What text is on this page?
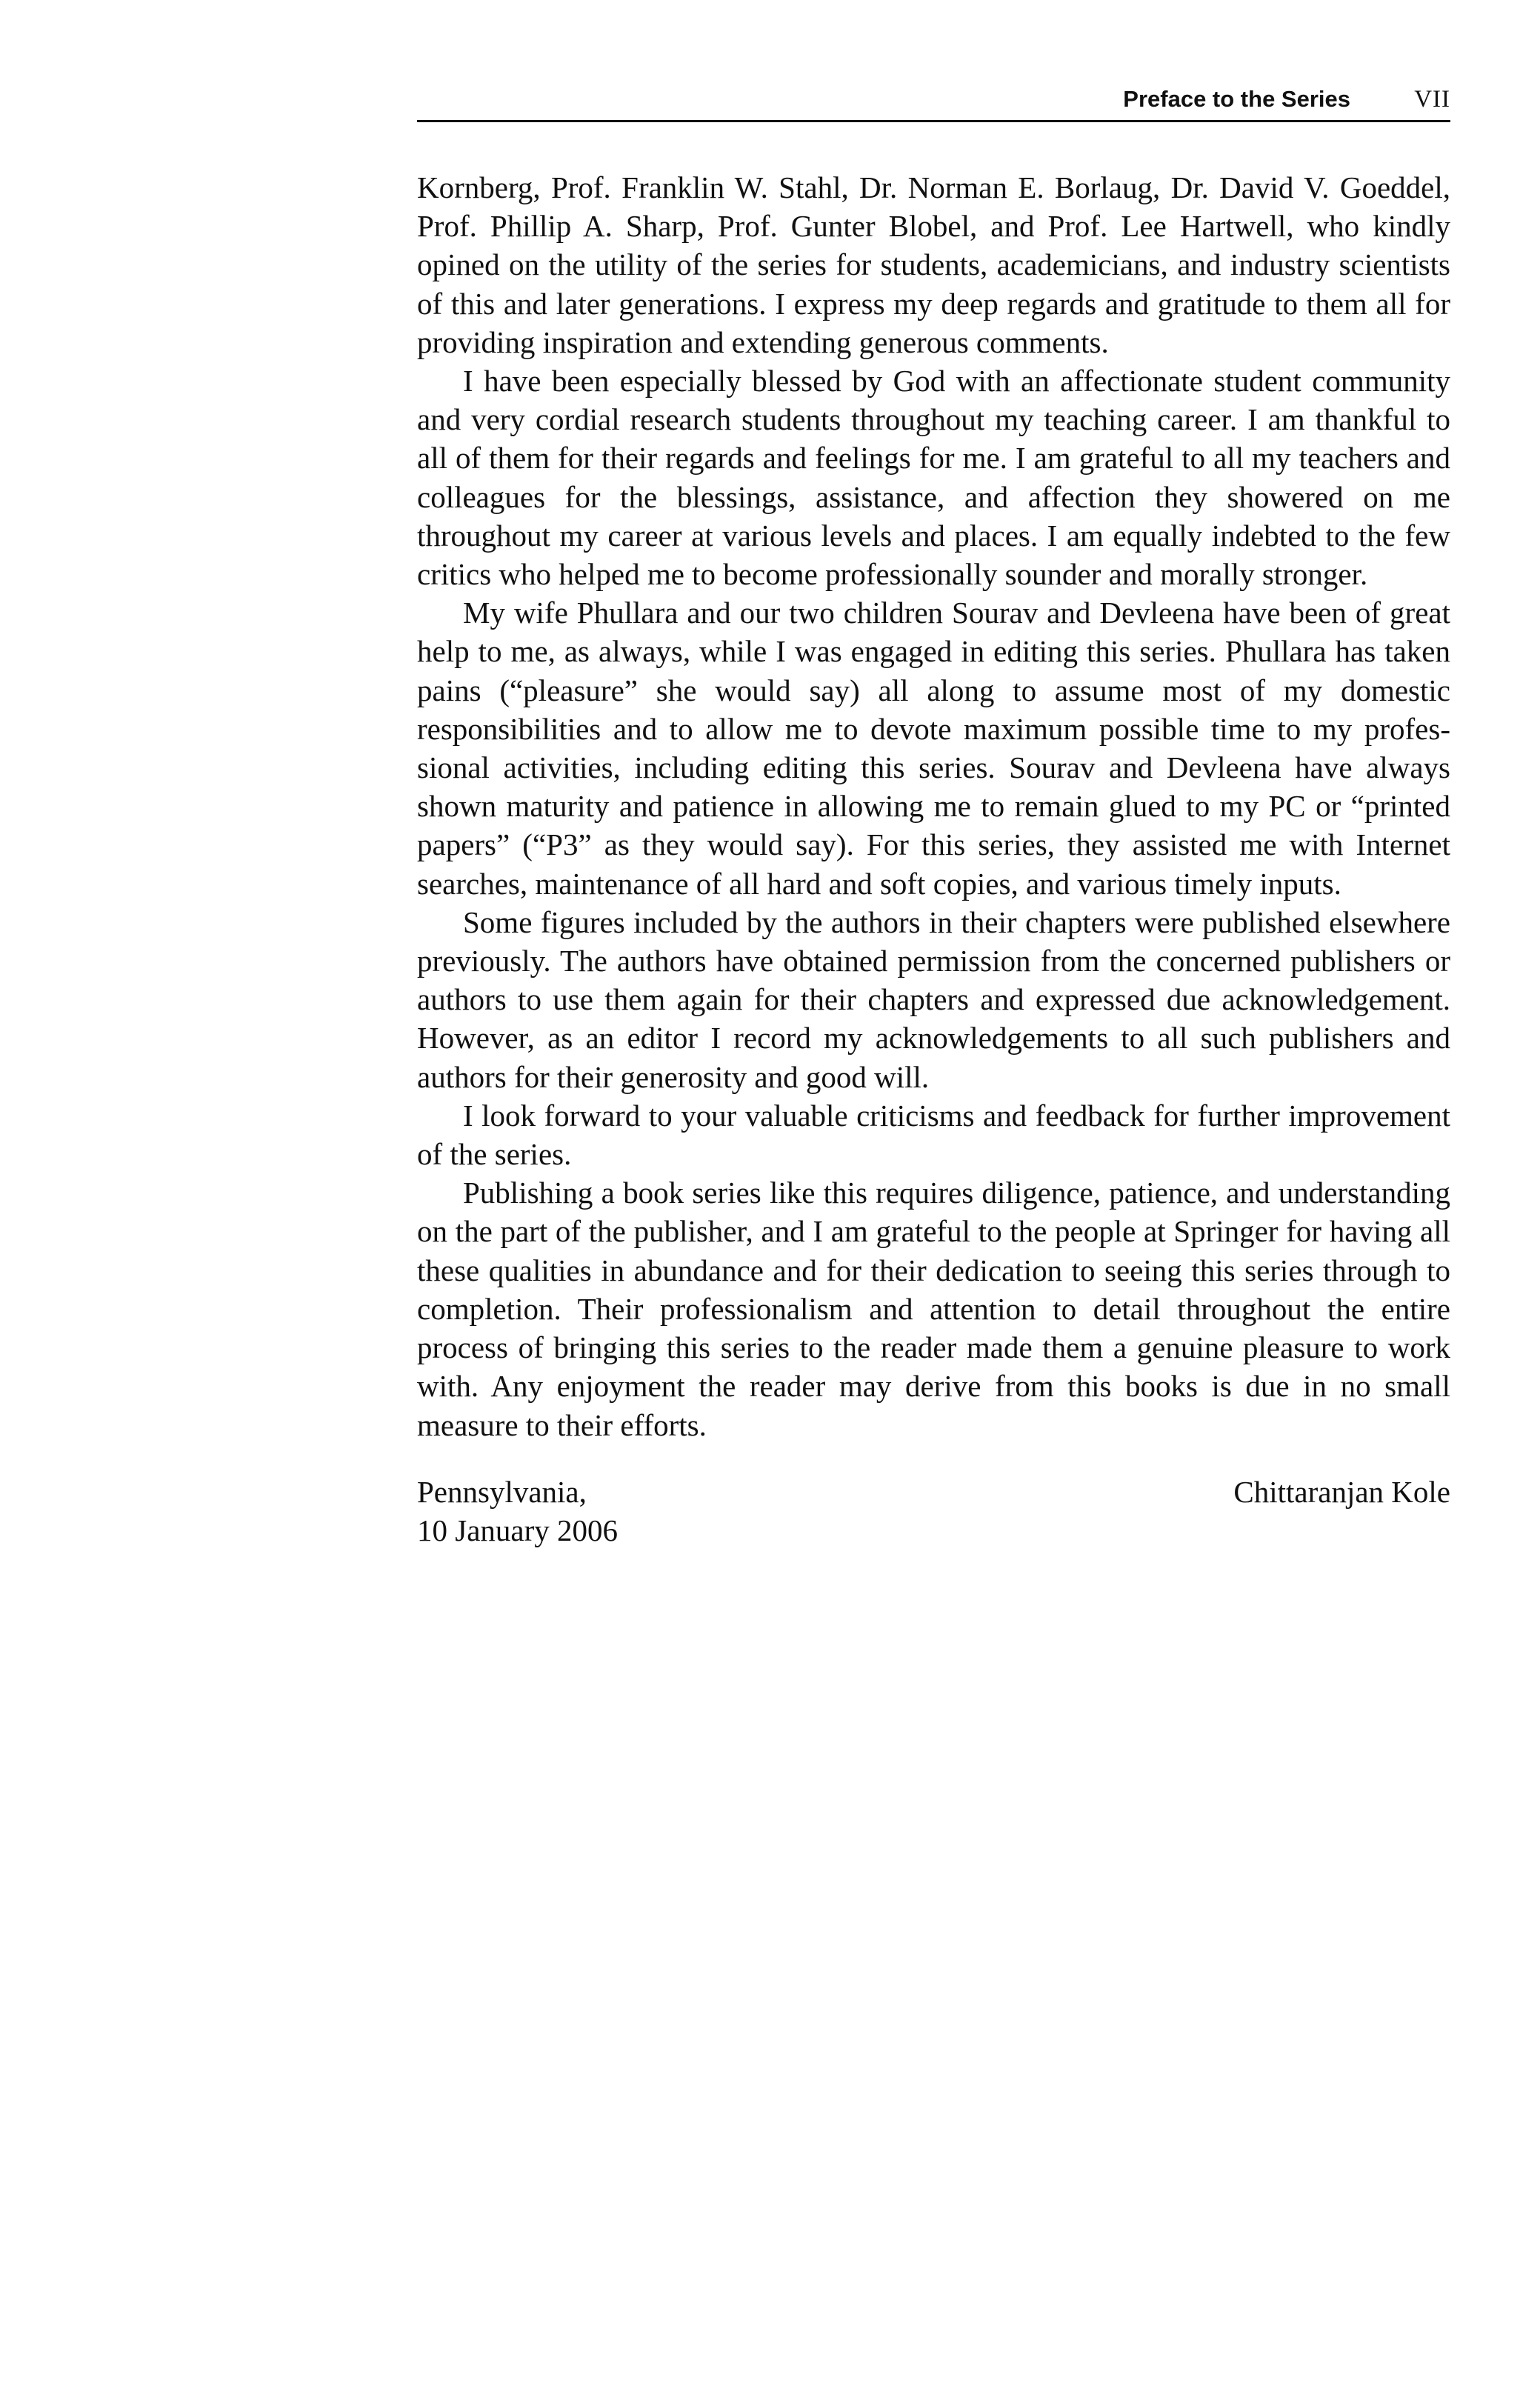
Preface to the Series	VII

Kornberg, Prof. Franklin W. Stahl, Dr. Norman E. Borlaug, Dr. David V. Goeddel, Prof. Phillip A. Sharp, Prof. Gunter Blobel, and Prof. Lee Hartwell, who kindly opined on the utility of the series for students, academicians, and industry scientists of this and later generations. I express my deep regards and gratitude to them all for providing inspiration and extending generous comments.

I have been especially blessed by God with an affectionate student community and very cordial research students throughout my teaching career. I am thankful to all of them for their regards and feelings for me. I am grateful to all my teachers and colleagues for the blessings, assistance, and affection they showered on me throughout my career at various levels and places. I am equally indebted to the few critics who helped me to become professionally sounder and morally stronger.

My wife Phullara and our two children Sourav and Devleena have been of great help to me, as always, while I was engaged in editing this series. Phullara has taken pains (“pleasure” she would say) all along to assume most of my domestic responsibilities and to allow me to devote maximum possible time to my professional activities, including editing this series. Sourav and Devleena have always shown maturity and patience in allowing me to remain glued to my PC or “printed papers” (“P3” as they would say). For this series, they assisted me with Internet searches, maintenance of all hard and soft copies, and various timely inputs.

Some figures included by the authors in their chapters were published elsewhere previously. The authors have obtained permission from the concerned publishers or authors to use them again for their chapters and expressed due acknowledgement. However, as an editor I record my acknowledgements to all such publishers and authors for their generosity and good will.

I look forward to your valuable criticisms and feedback for further improvement of the series.

Publishing a book series like this requires diligence, patience, and understanding on the part of the publisher, and I am grateful to the people at Springer for having all these qualities in abundance and for their dedication to seeing this series through to completion. Their professionalism and attention to detail throughout the entire process of bringing this series to the reader made them a genuine pleasure to work with. Any enjoyment the reader may derive from this books is due in no small measure to their efforts.

Pennsylvania,
10 January 2006
Chittaranjan Kole
